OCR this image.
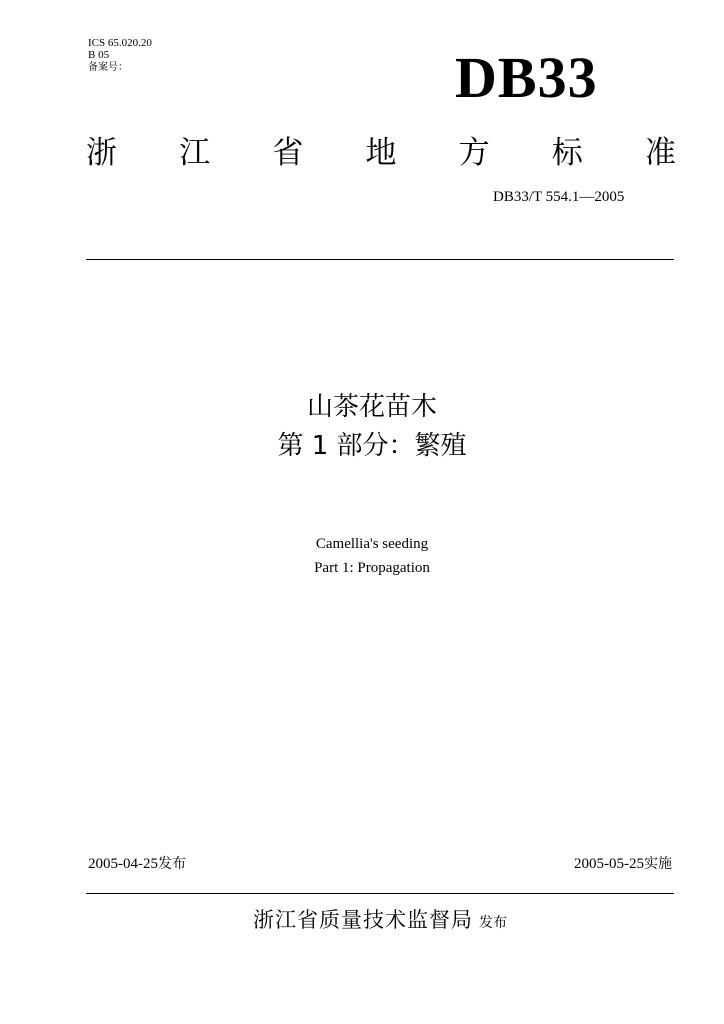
ICS 65.020.20
B 05
备案号：	DB33
浙 江 省 地 方 标 准
DB33/T 554.1—2005
山茶花苗木
第 1 部分：繁殖
Camellia's seeding
Part 1: Propagation
2005-04-25发布	2005-05-25实施
浙江省质量技术监督局 发布
